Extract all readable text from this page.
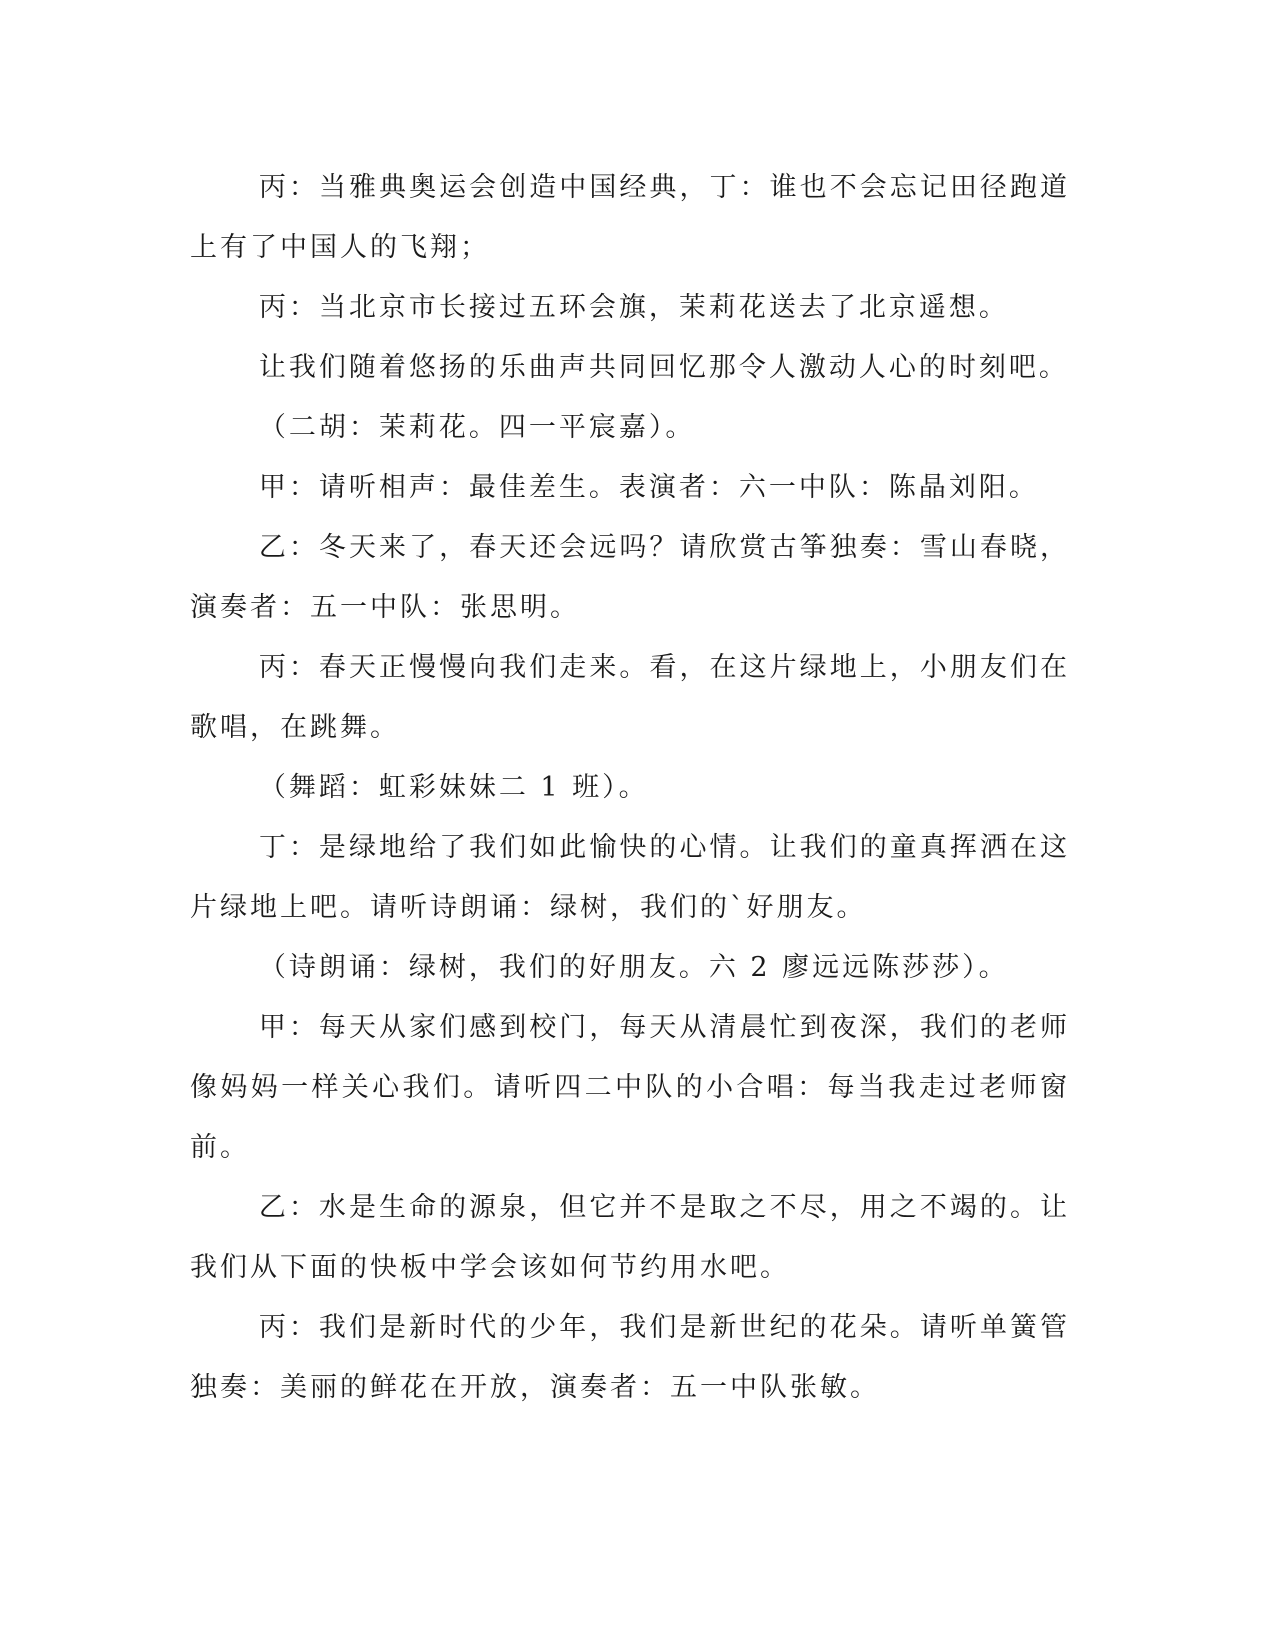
丙：当雅典奥运会创造中国经典，丁：谁也不会忘记田径跑道上有了中国人的飞翔；

丙：当北京市长接过五环会旗，茉莉花送去了北京遥想。

让我们随着悠扬的乐曲声共同回忆那令人激动人心的时刻吧。

（二胡：茉莉花。四一平宸嘉）。

甲：请听相声：最佳差生。表演者：六一中队：陈晶刘阳。

乙：冬天来了，春天还会远吗？请欣赏古筝独奏：雪山春晓，演奏者：五一中队：张思明。

丙：春天正慢慢向我们走来。看，在这片绿地上，小朋友们在歌唱，在跳舞。

（舞蹈：虹彩妹妹二 1 班）。

丁：是绿地给了我们如此愉快的心情。让我们的童真挥洒在这片绿地上吧。请听诗朗诵：绿树，我们的`好朋友。

（诗朗诵：绿树，我们的好朋友。六 2 廖远远陈莎莎）。

甲：每天从家们感到校门，每天从清晨忙到夜深，我们的老师像妈妈一样关心我们。请听四二中队的小合唱：每当我走过老师窗前。

乙：水是生命的源泉，但它并不是取之不尽，用之不竭的。让我们从下面的快板中学会该如何节约用水吧。

丙：我们是新时代的少年，我们是新世纪的花朵。请听单簧管独奏：美丽的鲜花在开放，演奏者：五一中队张敏。
